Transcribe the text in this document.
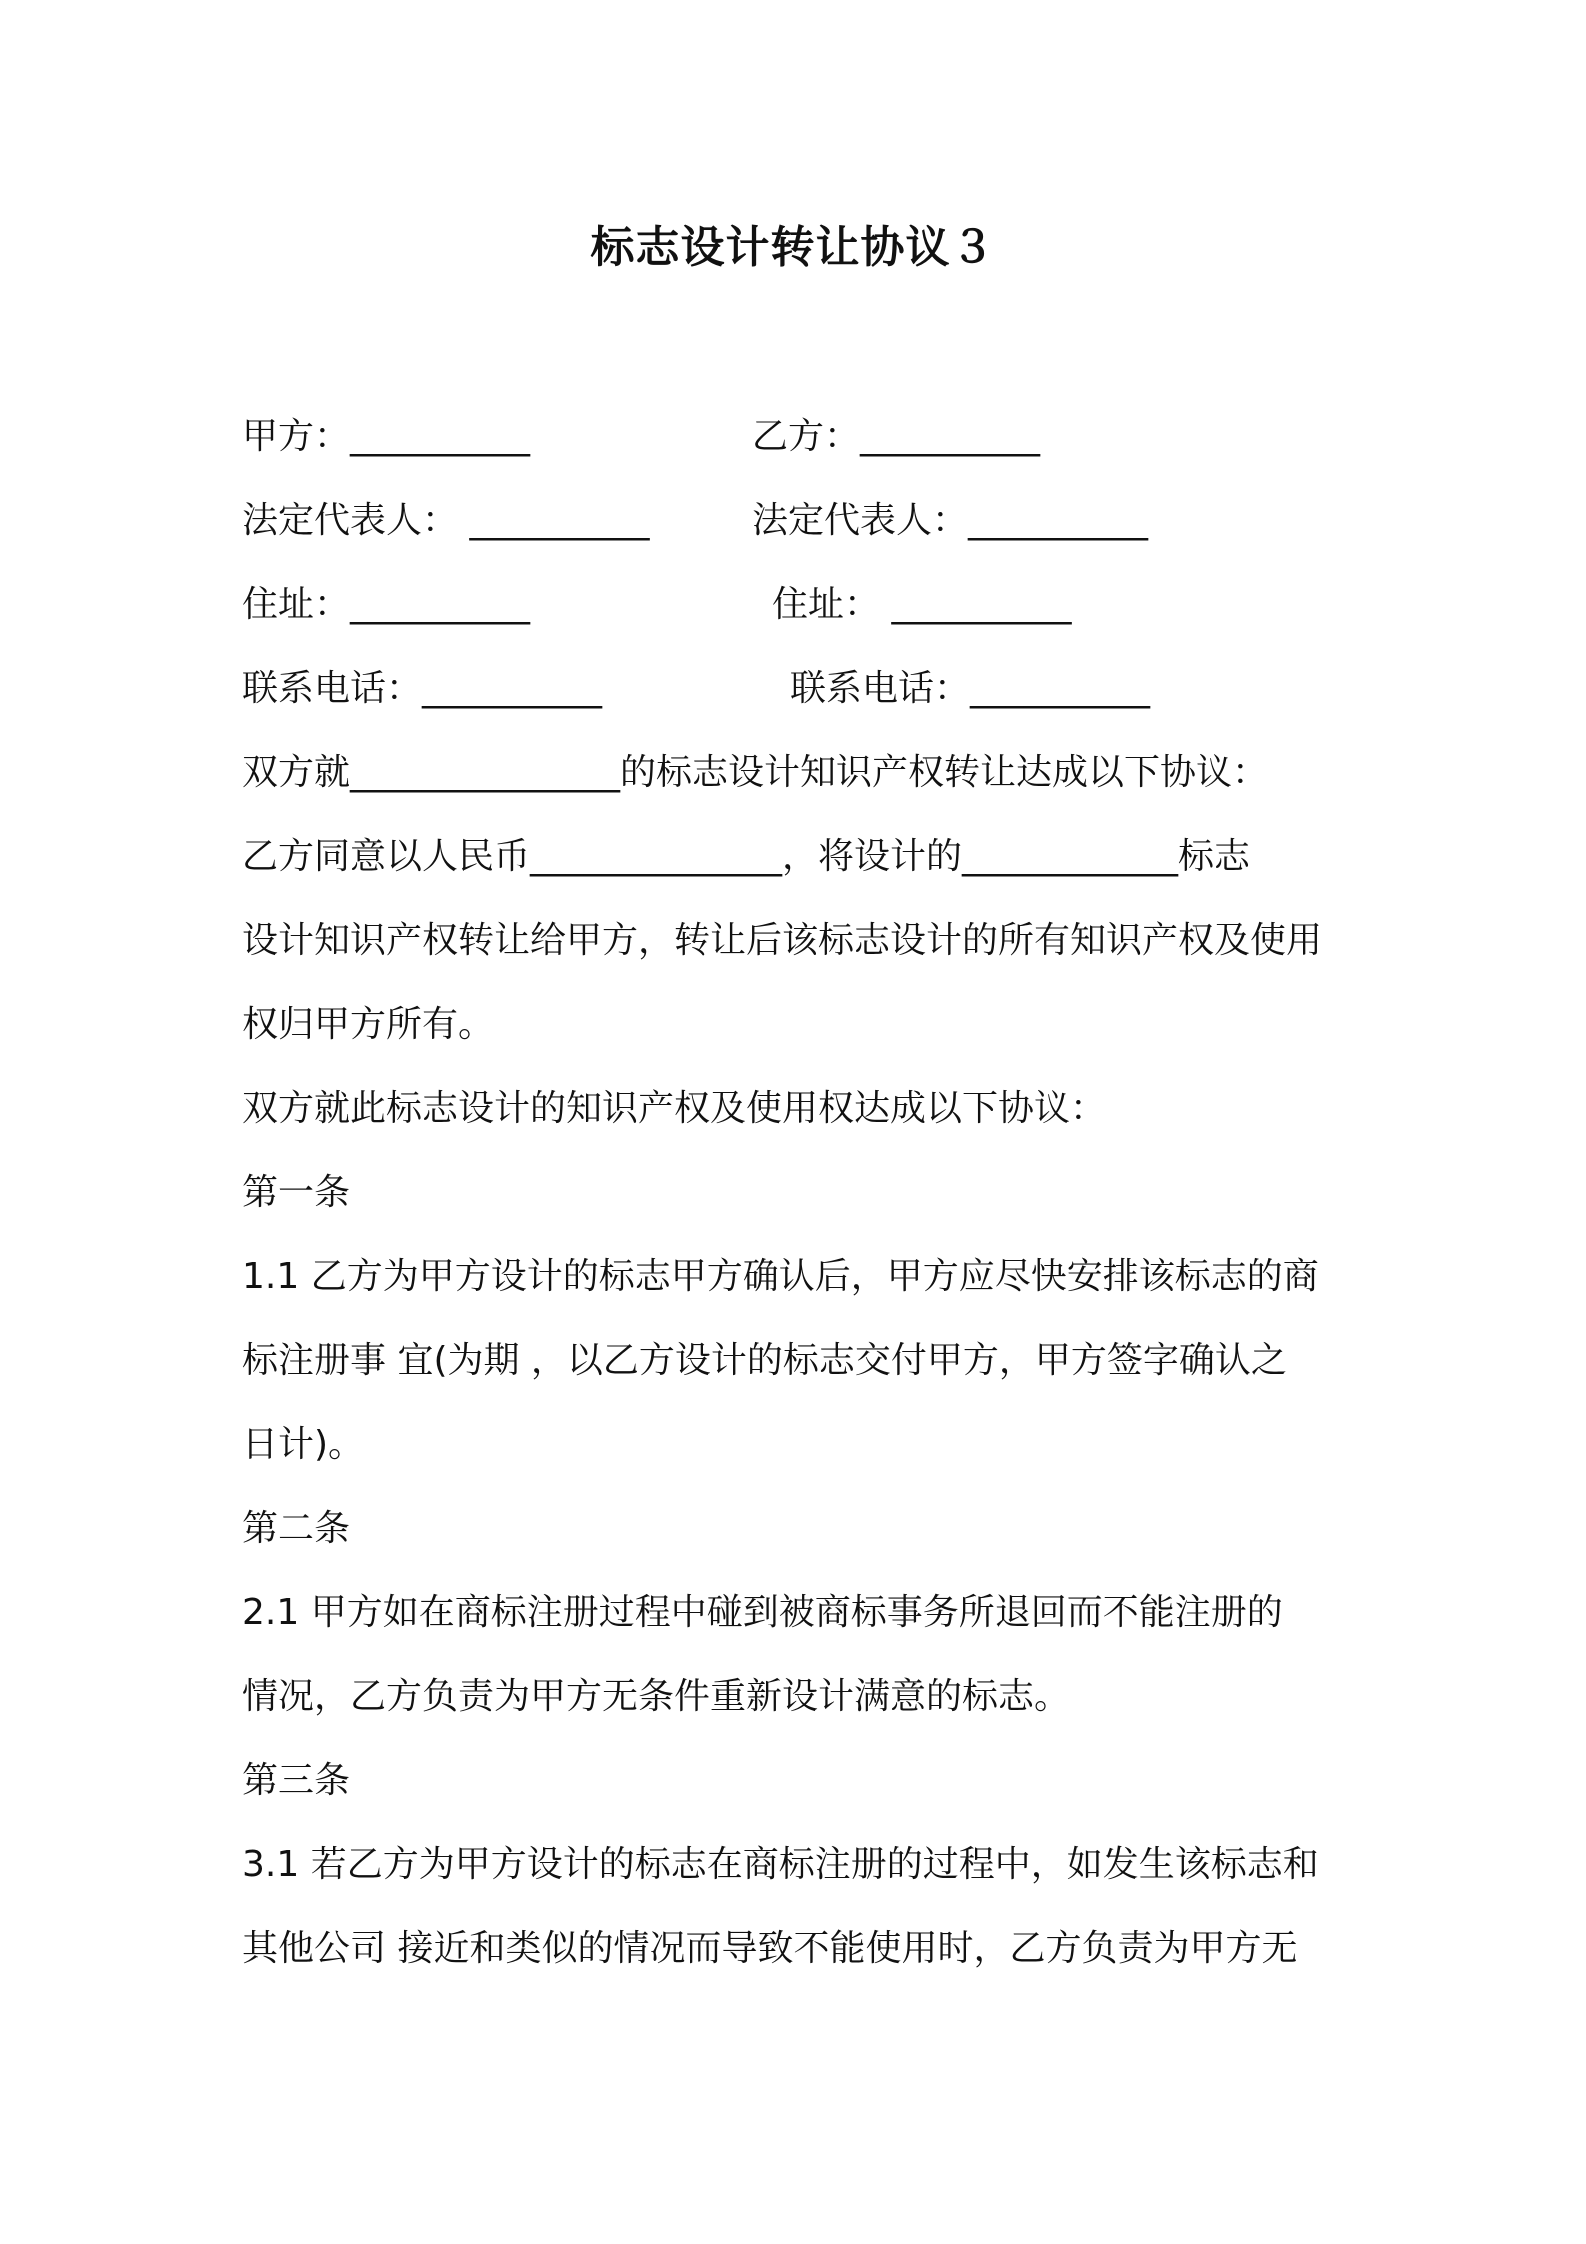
标志设计转让协议３
甲方：__________	乙方：__________
法定代表人： __________	法定代表人：__________
住址：__________	住址： __________
联系电话：__________	联系电话：__________
双方就_______________的标志设计知识产权转让达成以下协议：
乙方同意以人民币______________，将设计的____________标志
设计知识产权转让给甲方，转让后该标志设计的所有知识产权及使用
权归甲方所有。
双方就此标志设计的知识产权及使用权达成以下协议：
第一条
1.1 乙方为甲方设计的标志甲方确认后，甲方应尽快安排该标志的商
标注册事 宜(为期 ，以乙方设计的标志交付甲方，甲方签字确认之
日计)。
第二条
2.1 甲方如在商标注册过程中碰到被商标事务所退回而不能注册的
情况，乙方负责为甲方无条件重新设计满意的标志。
第三条
3.1 若乙方为甲方设计的标志在商标注册的过程中，如发生该标志和
其他公司 接近和类似的情况而导致不能使用时，乙方负责为甲方无
